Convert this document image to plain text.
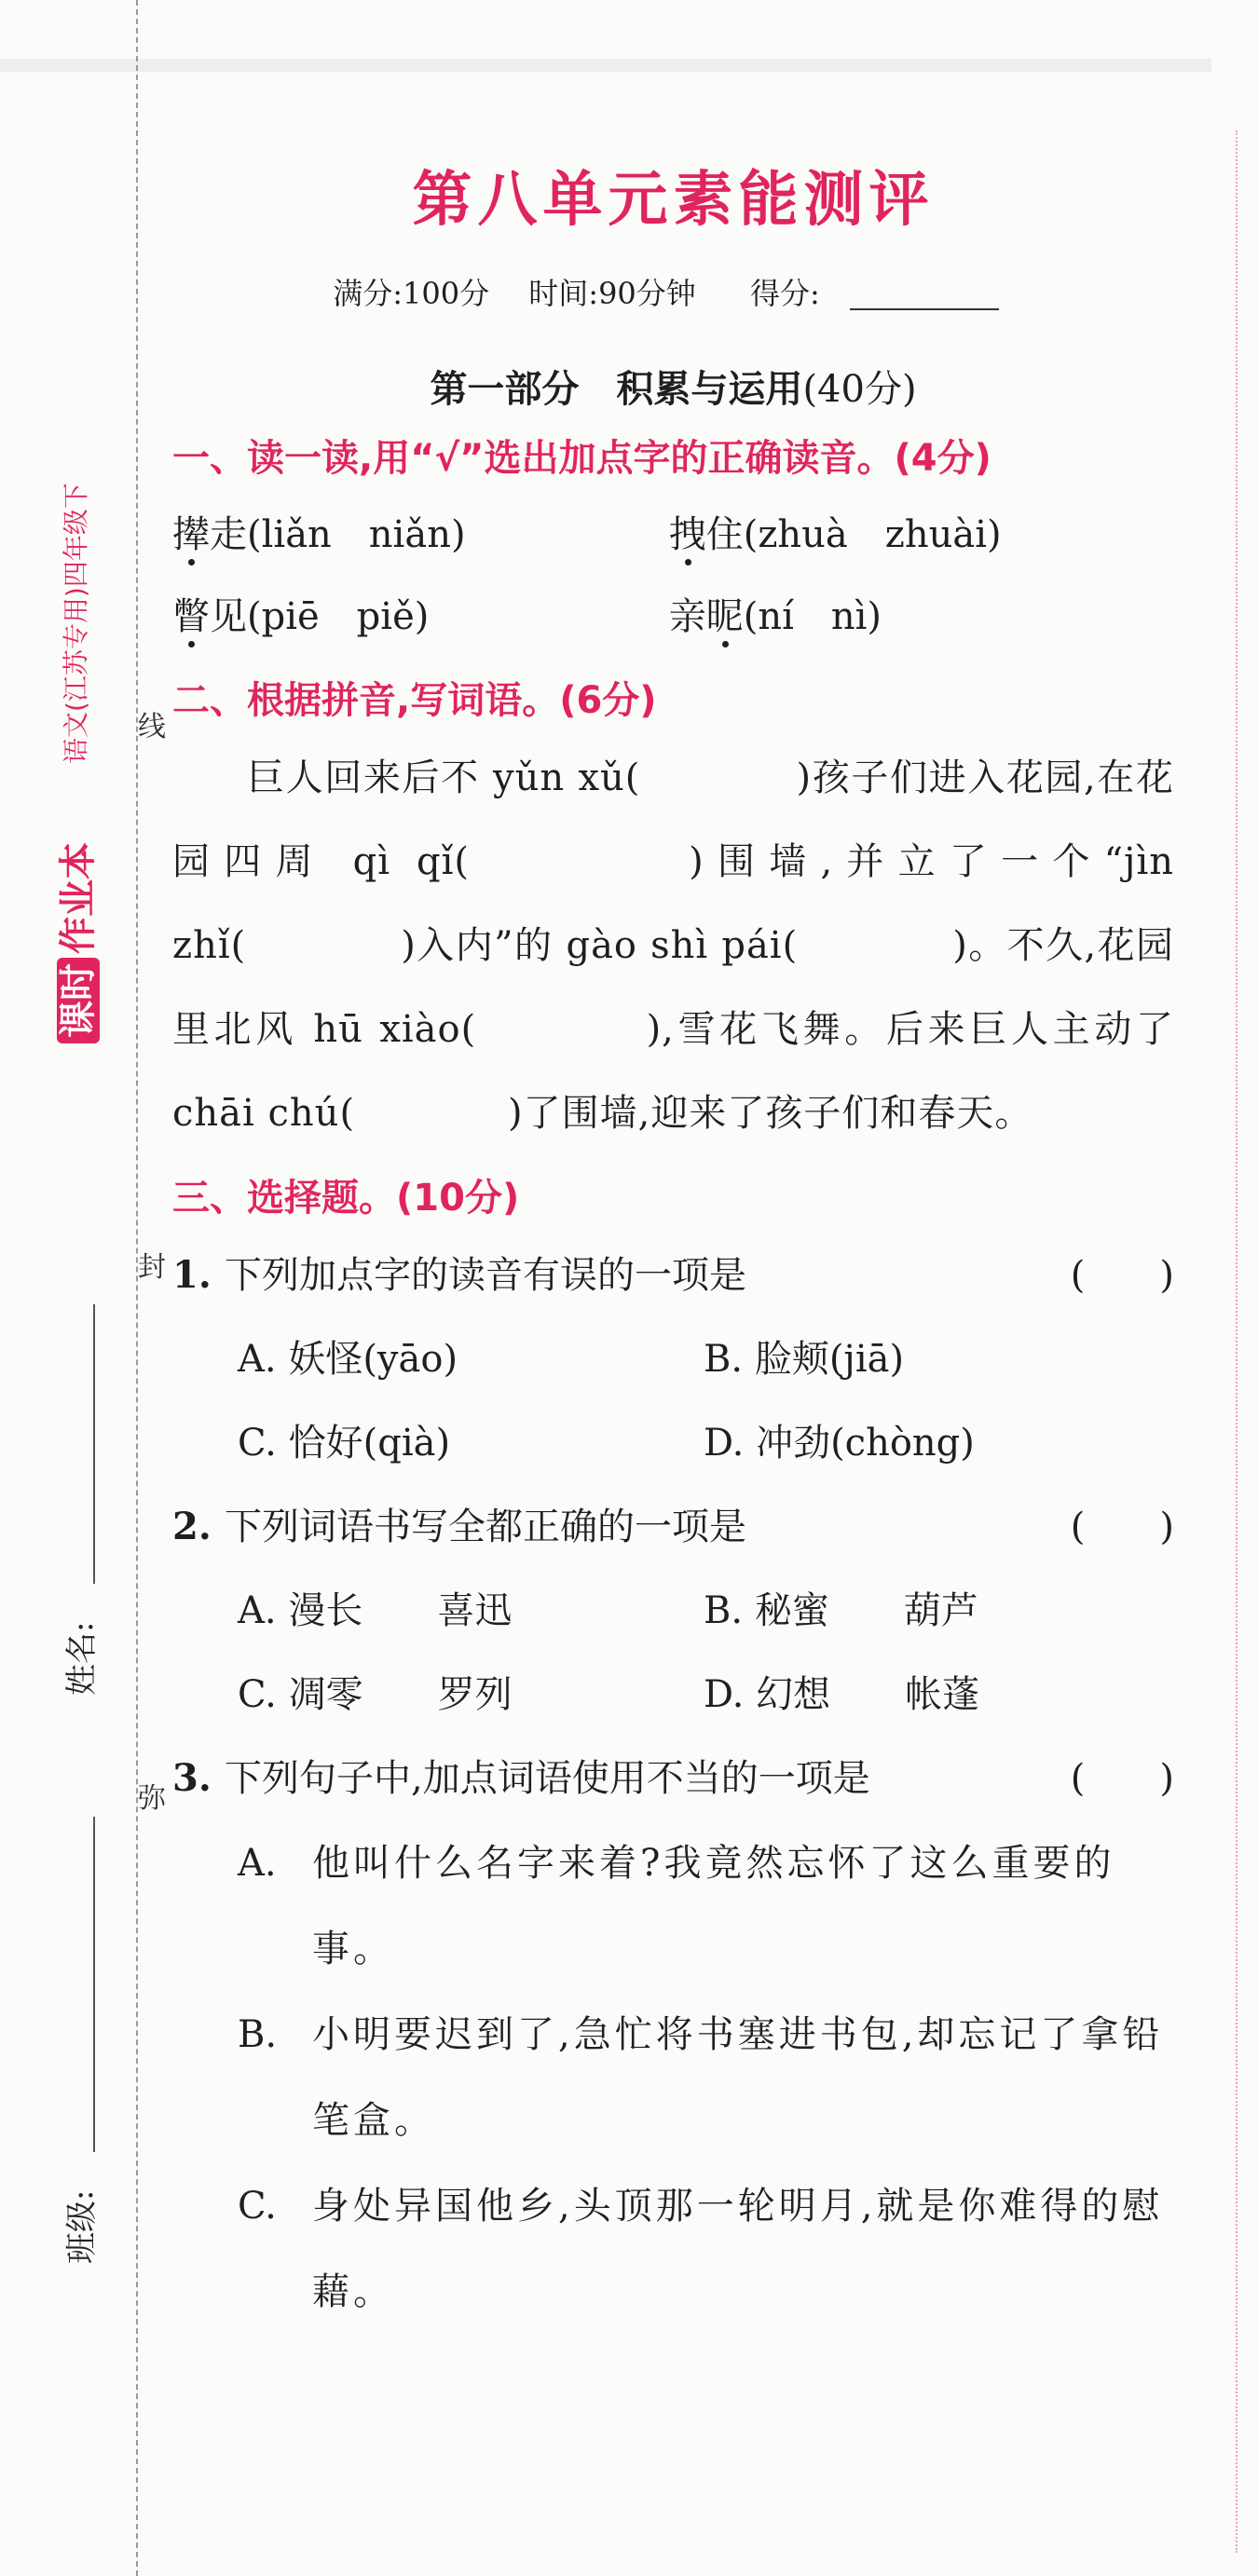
线
封
弥
语文(江苏专用)四年级下
课时作业本
姓名:
班级:
第八单元素能测评
满分:100分 时间:90分钟 得分:
第一部分　积累与运用(40分)
一、读一读,用“√”选出加点字的正确读音。(4分)
撵走(liǎn　niǎn)	拽住(zhuà　zhuài)
瞥见(piē　piě)	亲昵(ní　nì)
二、根据拼音,写词语。(6分)
巨人回来后不 yǔn xǔ(　　　　)孩子们进入花园,在花园四周 qì qǐ(　　　　)围墙,并立了一个“jìn zhǐ(　　　　)入内”的 gào shì pái(　　　　)。不久,花园里北风 hū xiào(　　　　),雪花飞舞。后来巨人主动了 chāi chú(　　　　)了围墙,迎来了孩子们和春天。
三、选择题。(10分)
1. 下列加点字的读音有误的一项是	(　　)
A. 妖怪(yāo)	B. 脸颊(jiā)
C. 恰好(qià)	D. 冲劲(chòng)
2. 下列词语书写全都正确的一项是	(　　)
A. 漫长　　喜迅	B. 秘蜜　　葫芦
C. 凋零　　罗列	D. 幻想　　帐蓬
3. 下列句子中,加点词语使用不当的一项是	(　　)
A. 他叫什么名字来着?我竟然忘怀了这么重要的事。
B. 小明要迟到了,急忙将书塞进书包,却忘记了拿铅笔盒。
C. 身处异国他乡,头顶那一轮明月,就是你难得的慰藉。
